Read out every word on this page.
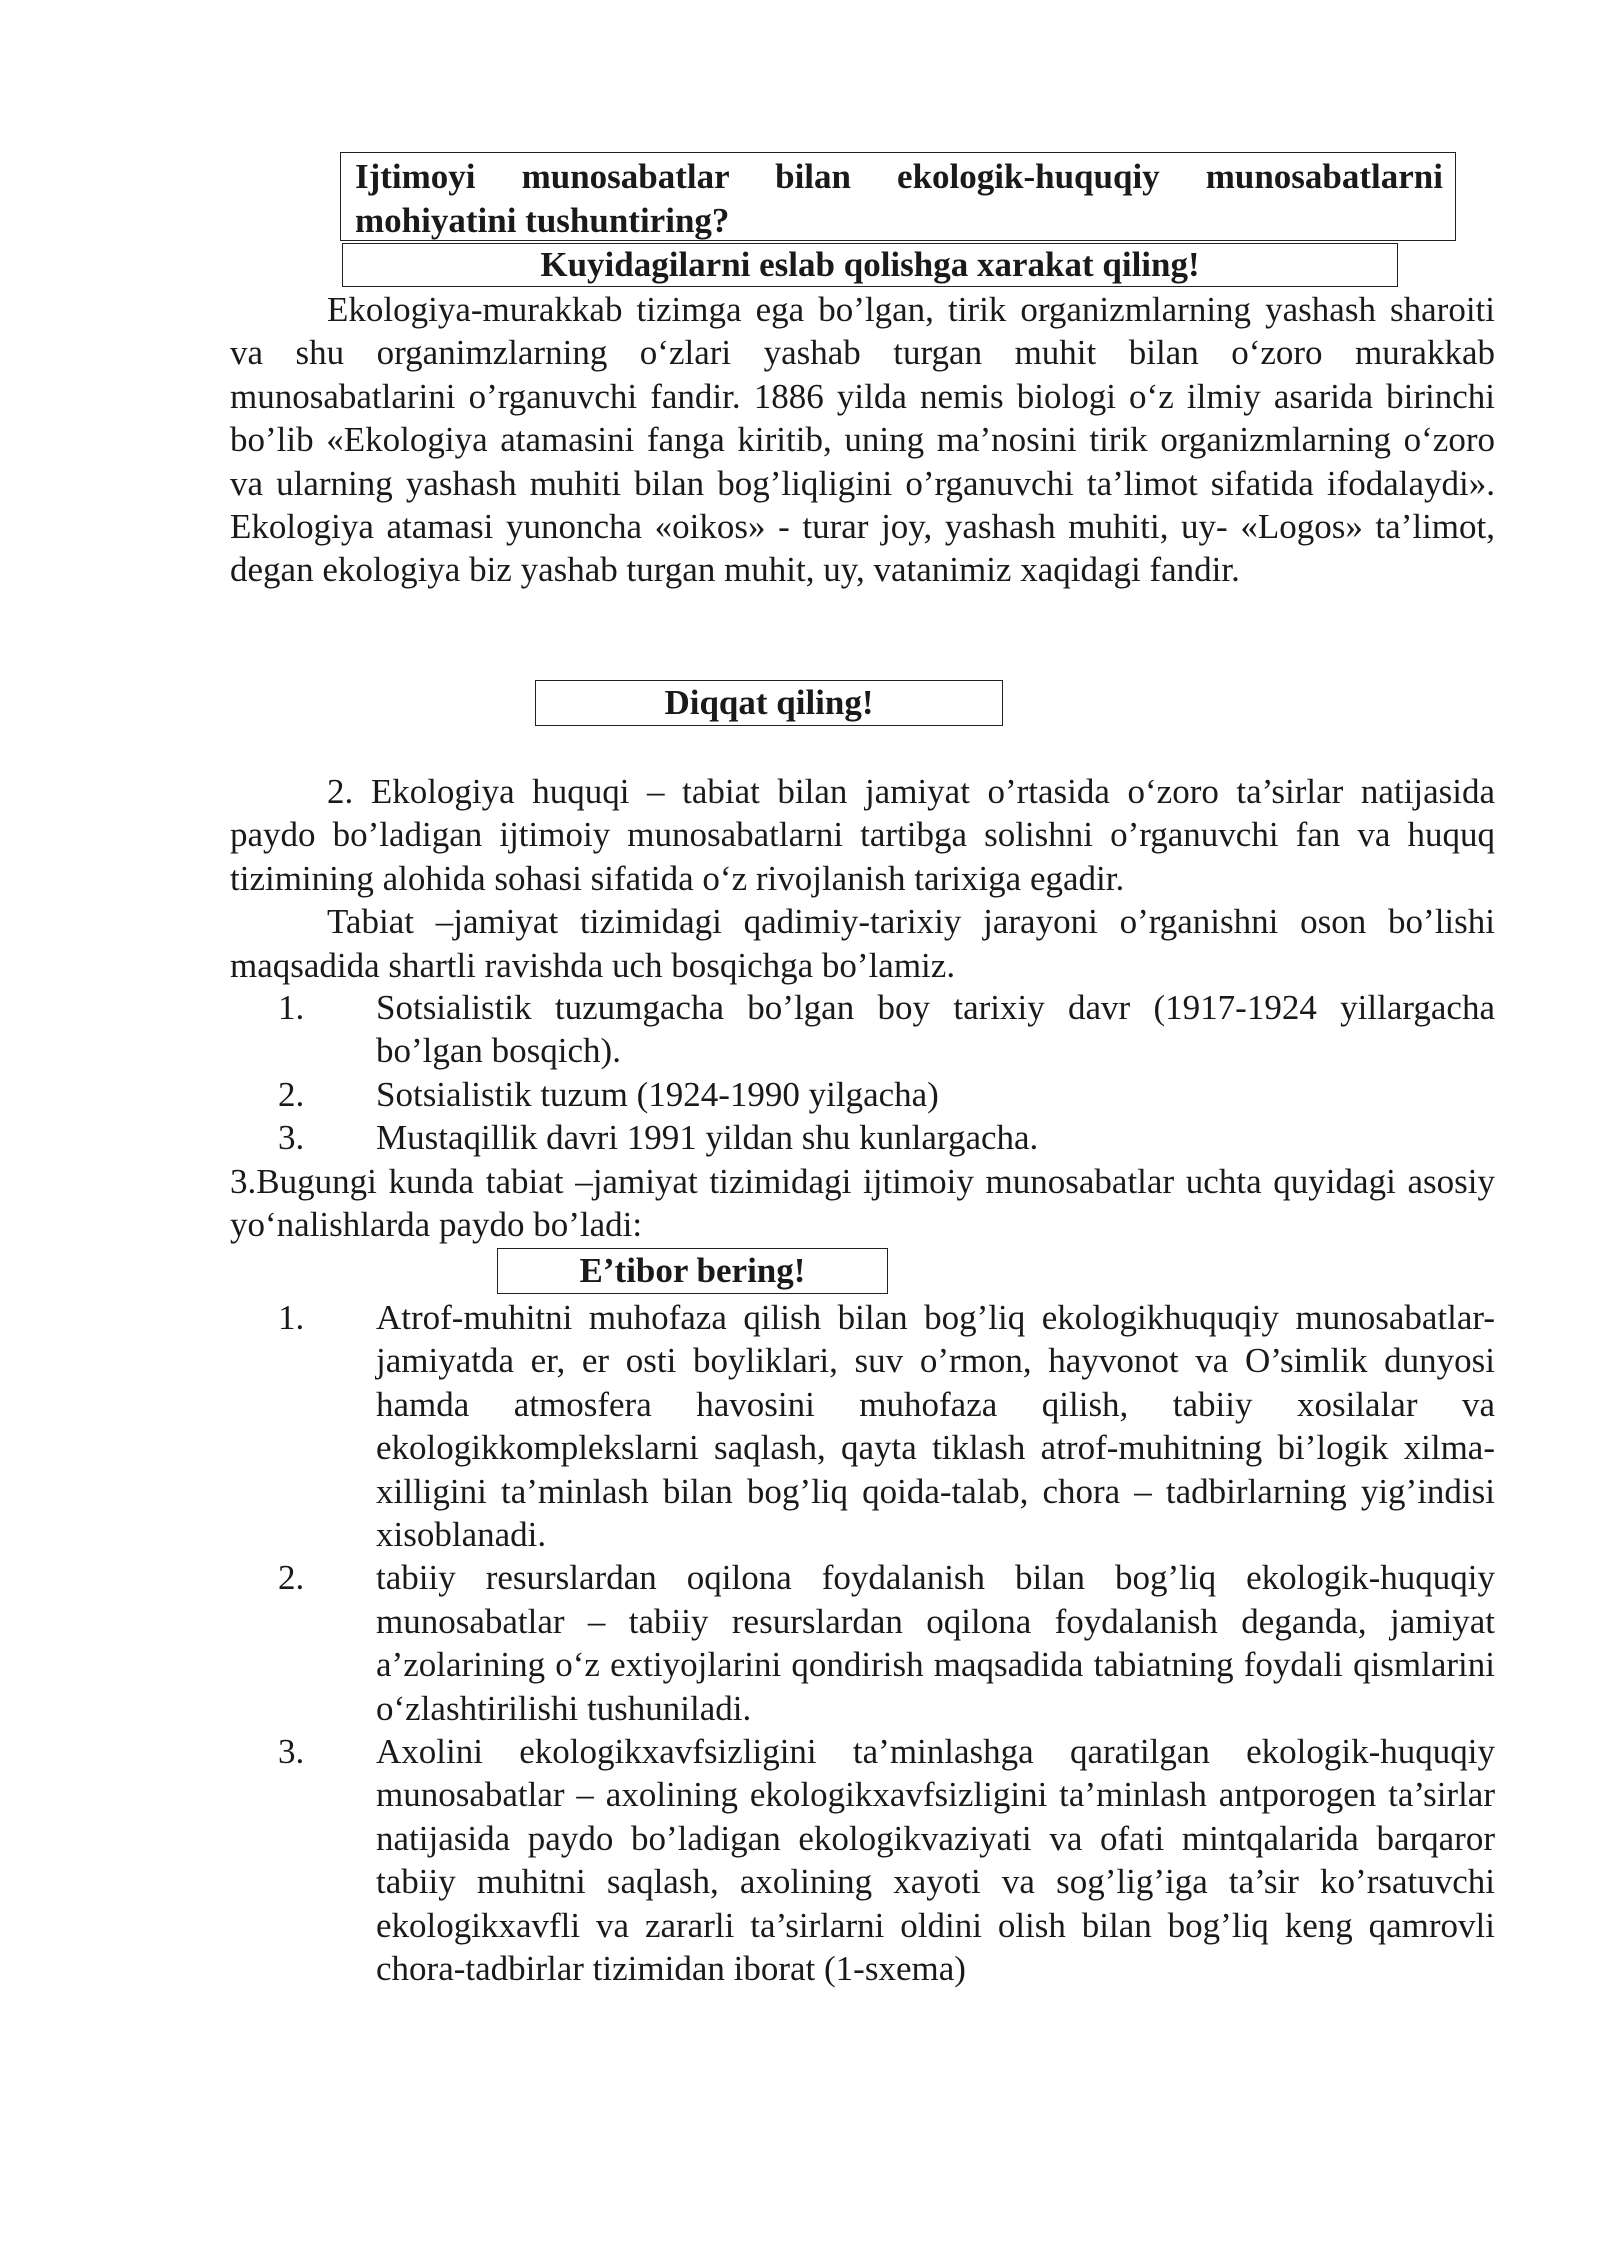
Ijtimoyi munosabatlar bilan ekologik-huquqiy munosabatlarni mohiyatini tushuntiring?
Kuyidagilarni eslab qolishga xarakat qiling!

Ekologiya-murakkab tizimga ega bo’lgan, tirik organizmlarning yashash sharoiti va shu organimzlarning o‘zlari yashab turgan muhit bilan o‘zoro murakkab munosabatlarini o’rganuvchi fandir. 1886 yilda nemis biologi o‘z ilmiy asarida birinchi bo’lib «Ekologiya atamasini fanga kiritib, uning ma’nosini tirik organizmlarning o‘zoro va ularning yashash muhiti bilan bog’liqligini o’rganuvchi ta’limot sifatida ifodalaydi». Ekologiya atamasi yunoncha «oikos» - turar joy, yashash muhiti, uy- «Logos» ta’limot, degan ekologiya biz yashab turgan muhit, uy, vatanimiz xaqidagi fandir.

Diqqat qiling!

2. Ekologiya huquqi – tabiat bilan jamiyat o’rtasida o‘zoro ta’sirlar natijasida paydo bo’ladigan ijtimoiy munosabatlarni tartibga solishni o’rganuvchi fan va huquq tizimining alohida sohasi sifatida o‘z rivojlanish tarixiga egadir.

Tabiat –jamiyat tizimidagi qadimiy-tarixiy jarayoni o’rganishni oson bo’lishi maqsadida shartli ravishda uch bosqichga bo’lamiz.

1. Sotsialistik tuzumgacha bo’lgan boy tarixiy davr (1917-1924 yillargacha bo’lgan bosqich).
2. Sotsialistik tuzum (1924-1990 yilgacha)
3. Mustaqillik davri 1991 yildan shu kunlargacha.

3.Bugungi kunda tabiat –jamiyat tizimidagi ijtimoiy munosabatlar uchta quyidagi asosiy yo‘nalishlarda paydo bo’ladi:

E’tibor bering!
1. Atrof-muhitni muhofaza qilish bilan bog’liq ekologikhuquqiy munosabatlar-jamiyatda er, er osti boyliklari, suv o’rmon, hayvonot va O’simlik dunyosi hamda atmosfera havosini muhofaza qilish, tabiiy xosilalar va ekologikkomplekslarni saqlash, qayta tiklash atrof-muhitning bi’logik xilma-xilligini ta’minlash bilan bog’liq qoida-talab, chora – tadbirlarning yig’indisi xisoblanadi.
2. tabiiy resurslardan oqilona foydalanish bilan bog’liq ekologik-huquqiy munosabatlar – tabiiy resurslardan oqilona foydalanish deganda, jamiyat a’zolarining o‘z extiyojlarini qondirish maqsadida tabiatning foydali qismlarini o‘zlashtirilishi tushuniladi.
3. Axolini ekologikxavfsizligini ta’minlashga qaratilgan ekologik-huquqiy munosabatlar – axolining ekologikxavfsizligini ta’minlash antporogen ta’sirlar natijasida paydo bo’ladigan ekologikvaziyati va ofati mintqalarida barqaror tabiiy muhitni saqlash, axolining xayoti va sog’lig’iga ta’sir ko’rsatuvchi ekologikxavfli va zararli ta’sirlarni oldini olish bilan bog’liq keng qamrovli chora-tadbirlar tizimidan iborat (1-sxema)
